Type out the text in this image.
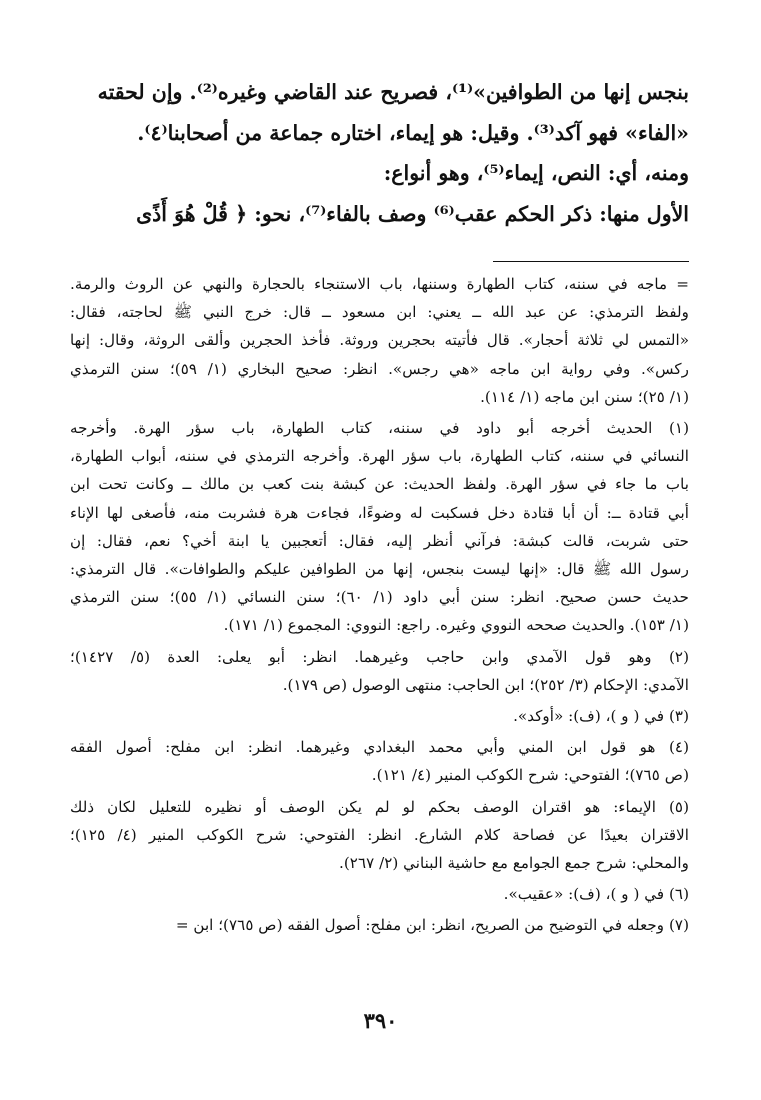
بنجس إنها من الطوافين»⁽¹⁾، فصريح عند القاضي وغيره⁽²⁾. وإن لحقته
«الفاء» فهو آكد⁽³⁾. وقيل: هو إيماء، اختاره جماعة من أصحابنا⁽٤⁾.
ومنه، أي: النص، إيماء⁽⁵⁾، وهو أنواع:
الأول منها: ذكر الحكم عقب⁽⁶⁾ وصف بالفاء⁽⁷⁾، نحو: ﴿ قُلْ هُوَ أَذًى
= ماجه في سننه، كتاب الطهارة وسننها، باب الاستنجاء بالحجارة والنهي عن الروث والرمة.
ولفظ الترمذي: عن عبد الله ــ يعني: ابن مسعود ــ قال: خرج النبي ﷺ لحاجته، فقال:
«التمس لي ثلاثة أحجار». قال فأتيته بحجرين وروثة. فأخذ الحجرين وألقى الروثة، وقال: إنها
ركس». وفي رواية ابن ماجه «هي رجس». انظر: صحيح البخاري (١/ ٥٩)؛ سنن الترمذي
(١/ ٢٥)؛ سنن ابن ماجه (١/ ١١٤).
(١) الحديث أخرجه أبو داود في سننه، كتاب الطهارة، باب سؤر الهرة. وأخرجه
النسائي في سننه، كتاب الطهارة، باب سؤر الهرة. وأخرجه الترمذي في سننه، أبواب الطهارة،
باب ما جاء في سؤر الهرة. ولفظ الحديث: عن كبشة بنت كعب بن مالك ــ وكانت تحت ابن
أبي قتادة ــ: أن أبا قتادة دخل فسكبت له وضوءًا، فجاءت هرة فشربت منه، فأصغى لها الإناء
حتى شربت، قالت كبشة: فرآني أنظر إليه، فقال: أتعجبين يا ابنة أخي؟ نعم، فقال: إن
رسول الله ﷺ قال: «إنها ليست بنجس، إنها من الطوافين عليكم والطوافات». قال الترمذي:
حديث حسن صحيح. انظر: سنن أبي داود (١/ ٦٠)؛ سنن النسائي (١/ ٥٥)؛ سنن الترمذي
(١/ ١٥٣). والحديث صححه النووي وغيره. راجع: النووي: المجموع (١/ ١٧١).
(٢) وهو قول الآمدي وابن حاجب وغيرهما. انظر: أبو يعلى: العدة (٥/ ١٤٢٧)؛
الآمدي: الإحكام (٣/ ٢٥٢)؛ ابن الحاجب: منتهى الوصول (ص ١٧٩).
(٣) في ( و )، (ف): «أوكد».
(٤) هو قول ابن المني وأبي محمد البغدادي وغيرهما. انظر: ابن مفلح: أصول الفقه
(ص ٧٦٥)؛ الفتوحي: شرح الكوكب المنير (٤/ ١٢١).
(٥) الإيماء: هو اقتران الوصف بحكم لو لم يكن الوصف أو نظيره للتعليل لكان ذلك
الاقتران بعيدًا عن فصاحة كلام الشارع. انظر: الفتوحي: شرح الكوكب المنير (٤/ ١٢٥)؛
والمحلي: شرح جمع الجوامع مع حاشية البناني (٢/ ٢٦٧).
(٦) في ( و )، (ف): «عقيب».
(٧) وجعله في التوضيح من الصريح، انظر: ابن مفلح: أصول الفقه (ص ٧٦٥)؛ ابن =
٣٩٠
